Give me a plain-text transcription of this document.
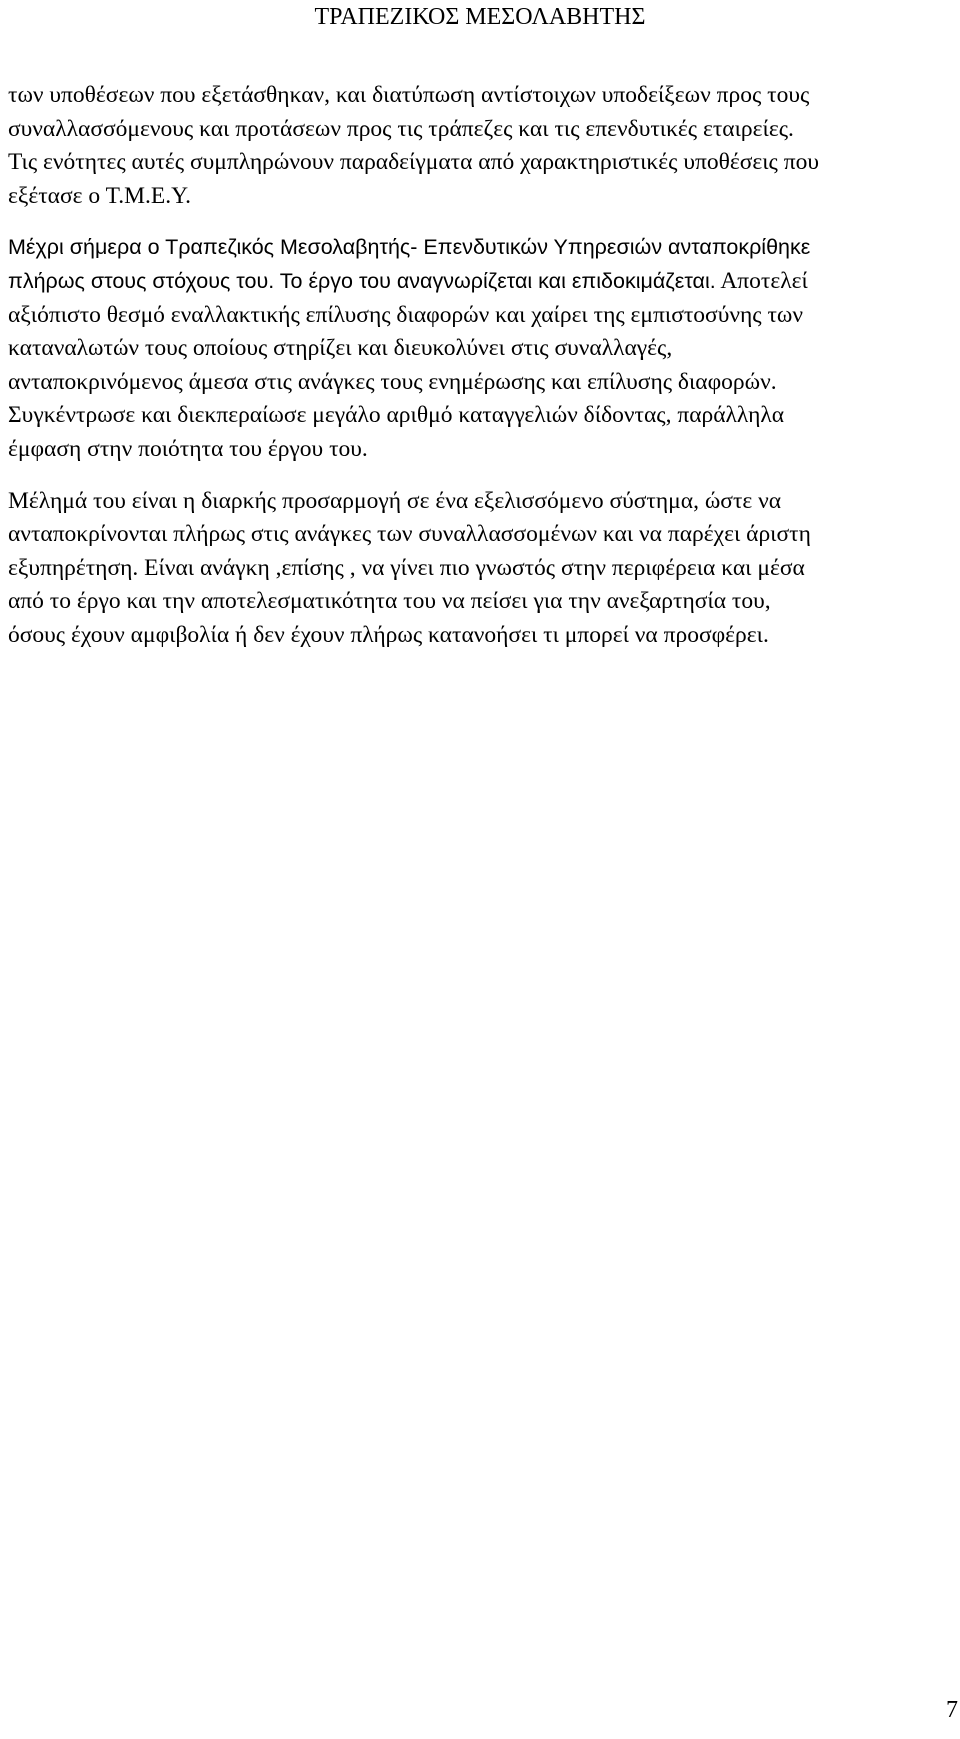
ΤΡΑΠΕΖΙΚΟΣ ΜΕΣΟΛΑΒΗΤΗΣ
των υποθέσεων που εξετάσθηκαν, και διατύπωση αντίστοιχων υποδείξεων προς τους
συναλλασσόμενους και προτάσεων προς τις τράπεζες και τις επενδυτικές εταιρείες.
Τις ενότητες αυτές συμπληρώνουν παραδείγματα από χαρακτηριστικές υποθέσεις που
εξέτασε ο Τ.Μ.Ε.Υ.
Μέχρι σήμερα ο Τραπεζικός Μεσολαβητής- Επενδυτικών Υπηρεσιών ανταποκρίθηκε
πλήρως στους στόχους του. Το έργο του αναγνωρίζεται και επιδοκιμάζεται. Αποτελεί
αξιόπιστο θεσμό εναλλακτικής επίλυσης διαφορών και χαίρει της εμπιστοσύνης των
καταναλωτών τους οποίους στηρίζει και διευκολύνει στις συναλλαγές,
ανταποκρινόμενος άμεσα στις ανάγκες τους ενημέρωσης και επίλυσης διαφορών.
Συγκέντρωσε και διεκπεραίωσε μεγάλο αριθμό καταγγελιών δίδοντας, παράλληλα
έμφαση στην ποιότητα του έργου του.
Μέλημά του είναι η διαρκής προσαρμογή σε ένα εξελισσόμενο σύστημα, ώστε να
ανταποκρίνονται πλήρως στις ανάγκες των συναλλασσομένων και να παρέχει άριστη
εξυπηρέτηση. Είναι ανάγκη ,επίσης , να γίνει πιο γνωστός στην περιφέρεια και μέσα
από το έργο και την αποτελεσματικότητα του να πείσει για την ανεξαρτησία του,
όσους έχουν αμφιβολία ή δεν έχουν πλήρως κατανοήσει τι μπορεί να προσφέρει.
7
